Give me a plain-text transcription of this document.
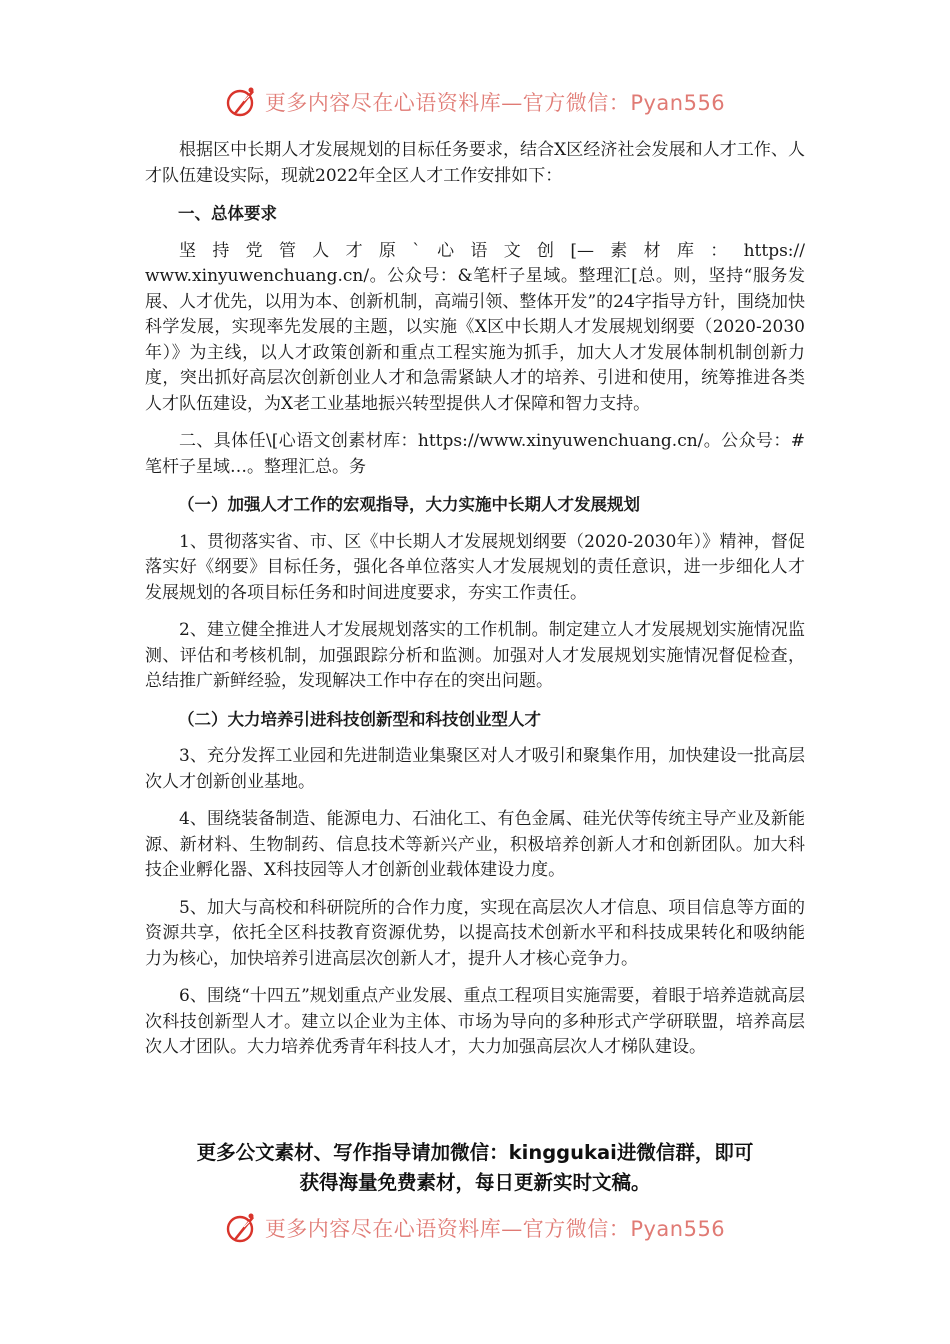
更多内容尽在心语资料库—官方微信：Pyan556

根据区中长期人才发展规划的目标任务要求，结合X区经济社会发展和人才工作、人才队伍建设实际，现就2022年全区人才工作安排如下：

一、总体要求

坚持党管人才原`心语文创[—素材库：https://

www.xinyuwenchuang.cn/。公众号：&笔杆子星域。整理汇[总。则，坚持“服务发展、人才优先，以用为本、创新机制，高端引领、整体开发”的24字指导方针，围绕加快科学发展，实现率先发展的主题，以实施《X区中长期人才发展规划纲要（2020-2030年）》为主线，以人才政策创新和重点工程实施为抓手，加大人才发展体制机制创新力度，突出抓好高层次创新创业人才和急需紧缺人才的培养、引进和使用，统筹推进各类人才队伍建设，为X老工业基地振兴转型提供人才保障和智力支持。

二、具体任\[心语文创素材库：https://www.xinyuwenchuang.cn/。公众号：#笔杆子星域…。整理汇总。务

（一）加强人才工作的宏观指导，大力实施中长期人才发展规划

1、贯彻落实省、市、区《中长期人才发展规划纲要（2020-2030年）》精神，督促落实好《纲要》目标任务，强化各单位落实人才发展规划的责任意识，进一步细化人才发展规划的各项目标任务和时间进度要求，夯实工作责任。

2、建立健全推进人才发展规划落实的工作机制。制定建立人才发展规划实施情况监测、评估和考核机制，加强跟踪分析和监测。加强对人才发展规划实施情况督促检查，总结推广新鲜经验，发现解决工作中存在的突出问题。

（二）大力培养引进科技创新型和科技创业型人才

3、充分发挥工业园和先进制造业集聚区对人才吸引和聚集作用，加快建设一批高层次人才创新创业基地。

4、围绕装备制造、能源电力、石油化工、有色金属、硅光伏等传统主导产业及新能源、新材料、生物制药、信息技术等新兴产业，积极培养创新人才和创新团队。加大科技企业孵化器、X科技园等人才创新创业载体建设力度。

5、加大与高校和科研院所的合作力度，实现在高层次人才信息、项目信息等方面的资源共享，依托全区科技教育资源优势，以提高技术创新水平和科技成果转化和吸纳能力为核心，加快培养引进高层次创新人才，提升人才核心竞争力。

6、围绕“十四五”规划重点产业发展、重点工程项目实施需要，着眼于培养造就高层次科技创新型人才。建立以企业为主体、市场为导向的多种形式产学研联盟，培养高层次人才团队。大力培养优秀青年科技人才，大力加强高层次人才梯队建设。

更多公文素材、写作指导请加微信：kinggukai进微信群，即可
获得海量免费素材，每日更新实时文稿。
更多内容尽在心语资料库—官方微信：Pyan556
